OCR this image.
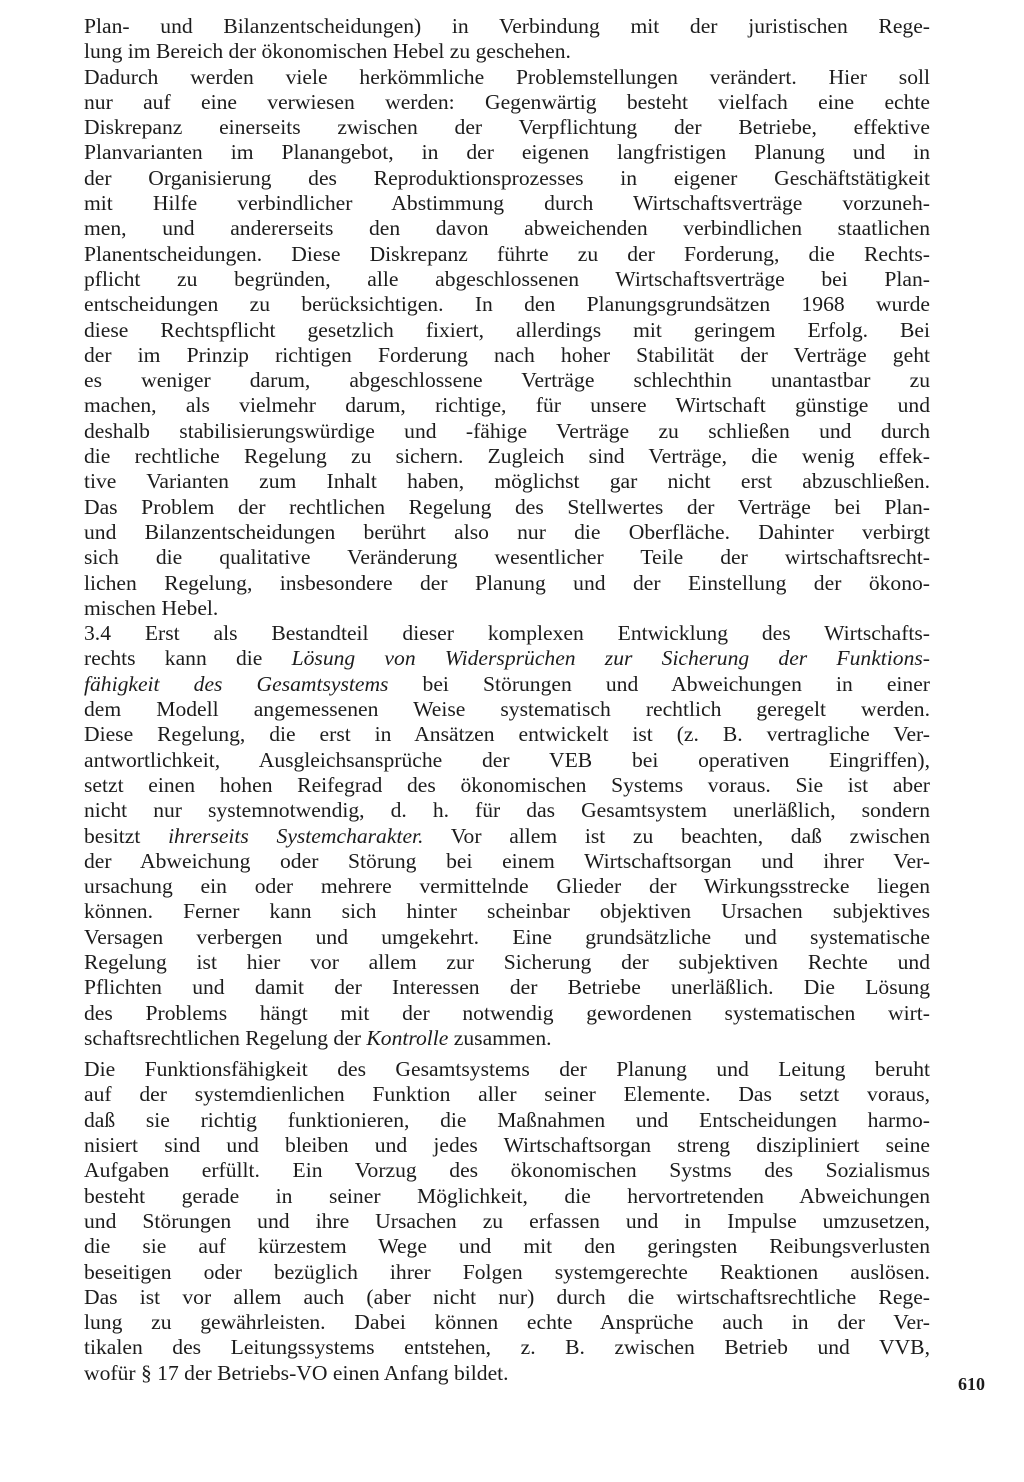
Plan- und Bilanzentscheidungen) in Verbindung mit der juristischen Rege-
lung im Bereich der ökonomischen Hebel zu geschehen.

Dadurch werden viele herkömmliche Problemstellungen verändert. Hier soll
nur auf eine verwiesen werden: Gegenwärtig besteht vielfach eine echte
Diskrepanz einerseits zwischen der Verpflichtung der Betriebe, effektive
Planvarianten im Planangebot, in der eigenen langfristigen Planung und in
der Organisierung des Reproduktionsprozesses in eigener Geschäftstätigkeit
mit Hilfe verbindlicher Abstimmung durch Wirtschaftsverträge vorzuneh-
men, und andererseits den davon abweichenden verbindlichen staatlichen
Planentscheidungen. Diese Diskrepanz führte zu der Forderung, die Rechts-
pflicht zu begründen, alle abgeschlossenen Wirtschaftsverträge bei Plan-
entscheidungen zu berücksichtigen. In den Planungsgrundsätzen 1968 wurde
diese Rechtspflicht gesetzlich fixiert, allerdings mit geringem Erfolg. Bei
der im Prinzip richtigen Forderung nach hoher Stabilität der Verträge geht
es weniger darum, abgeschlossene Verträge schlechthin unantastbar zu
machen, als vielmehr darum, richtige, für unsere Wirtschaft günstige und
deshalb stabilisierungswürdige und -fähige Verträge zu schließen und durch
die rechtliche Regelung zu sichern. Zugleich sind Verträge, die wenig effek-
tive Varianten zum Inhalt haben, möglichst gar nicht erst abzuschließen.
Das Problem der rechtlichen Regelung des Stellwertes der Verträge bei Plan-
und Bilanzentscheidungen berührt also nur die Oberfläche. Dahinter verbirgt
sich die qualitative Veränderung wesentlicher Teile der wirtschaftsrecht-
lichen Regelung, insbesondere der Planung und der Einstellung der ökono-
mischen Hebel.

3.4 Erst als Bestandteil dieser komplexen Entwicklung des Wirtschafts-
rechts kann die Lösung von Widersprüchen zur Sicherung der Funktions-
fähigkeit des Gesamtsystems bei Störungen und Abweichungen in einer
dem Modell angemessenen Weise systematisch rechtlich geregelt werden.
Diese Regelung, die erst in Ansätzen entwickelt ist (z. B. vertragliche Ver-
antwortlichkeit, Ausgleichsansprüche der VEB bei operativen Eingriffen),
setzt einen hohen Reifegrad des ökonomischen Systems voraus. Sie ist aber
nicht nur systemnotwendig, d. h. für das Gesamtsystem unerläßlich, sondern
besitzt ihrerseits Systemcharakter. Vor allem ist zu beachten, daß zwischen
der Abweichung oder Störung bei einem Wirtschaftsorgan und ihrer Ver-
ursachung ein oder mehrere vermittelnde Glieder der Wirkungsstrecke liegen
können. Ferner kann sich hinter scheinbar objektiven Ursachen subjektives
Versagen verbergen und umgekehrt. Eine grundsätzliche und systematische
Regelung ist hier vor allem zur Sicherung der subjektiven Rechte und
Pflichten und damit der Interessen der Betriebe unerläßlich. Die Lösung
des Problems hängt mit der notwendig gewordenen systematischen wirt-
schaftsrechtlichen Regelung der Kontrolle zusammen.

Die Funktionsfähigkeit des Gesamtsystems der Planung und Leitung beruht
auf der systemdienlichen Funktion aller seiner Elemente. Das setzt voraus,
daß sie richtig funktionieren, die Maßnahmen und Entscheidungen harmo-
nisiert sind und bleiben und jedes Wirtschaftsorgan streng diszipliniert seine
Aufgaben erfüllt. Ein Vorzug des ökonomischen Systms des Sozialismus
besteht gerade in seiner Möglichkeit, die hervortretenden Abweichungen
und Störungen und ihre Ursachen zu erfassen und in Impulse umzusetzen,
die sie auf kürzestem Wege und mit den geringsten Reibungsverlusten
beseitigen oder bezüglich ihrer Folgen systemgerechte Reaktionen auslösen.
Das ist vor allem auch (aber nicht nur) durch die wirtschaftsrechtliche Rege-
lung zu gewährleisten. Dabei können echte Ansprüche auch in der Ver-
tikalen des Leitungssystems entstehen, z. B. zwischen Betrieb und VVB,
wofür § 17 der Betriebs-VO einen Anfang bildet.	610
